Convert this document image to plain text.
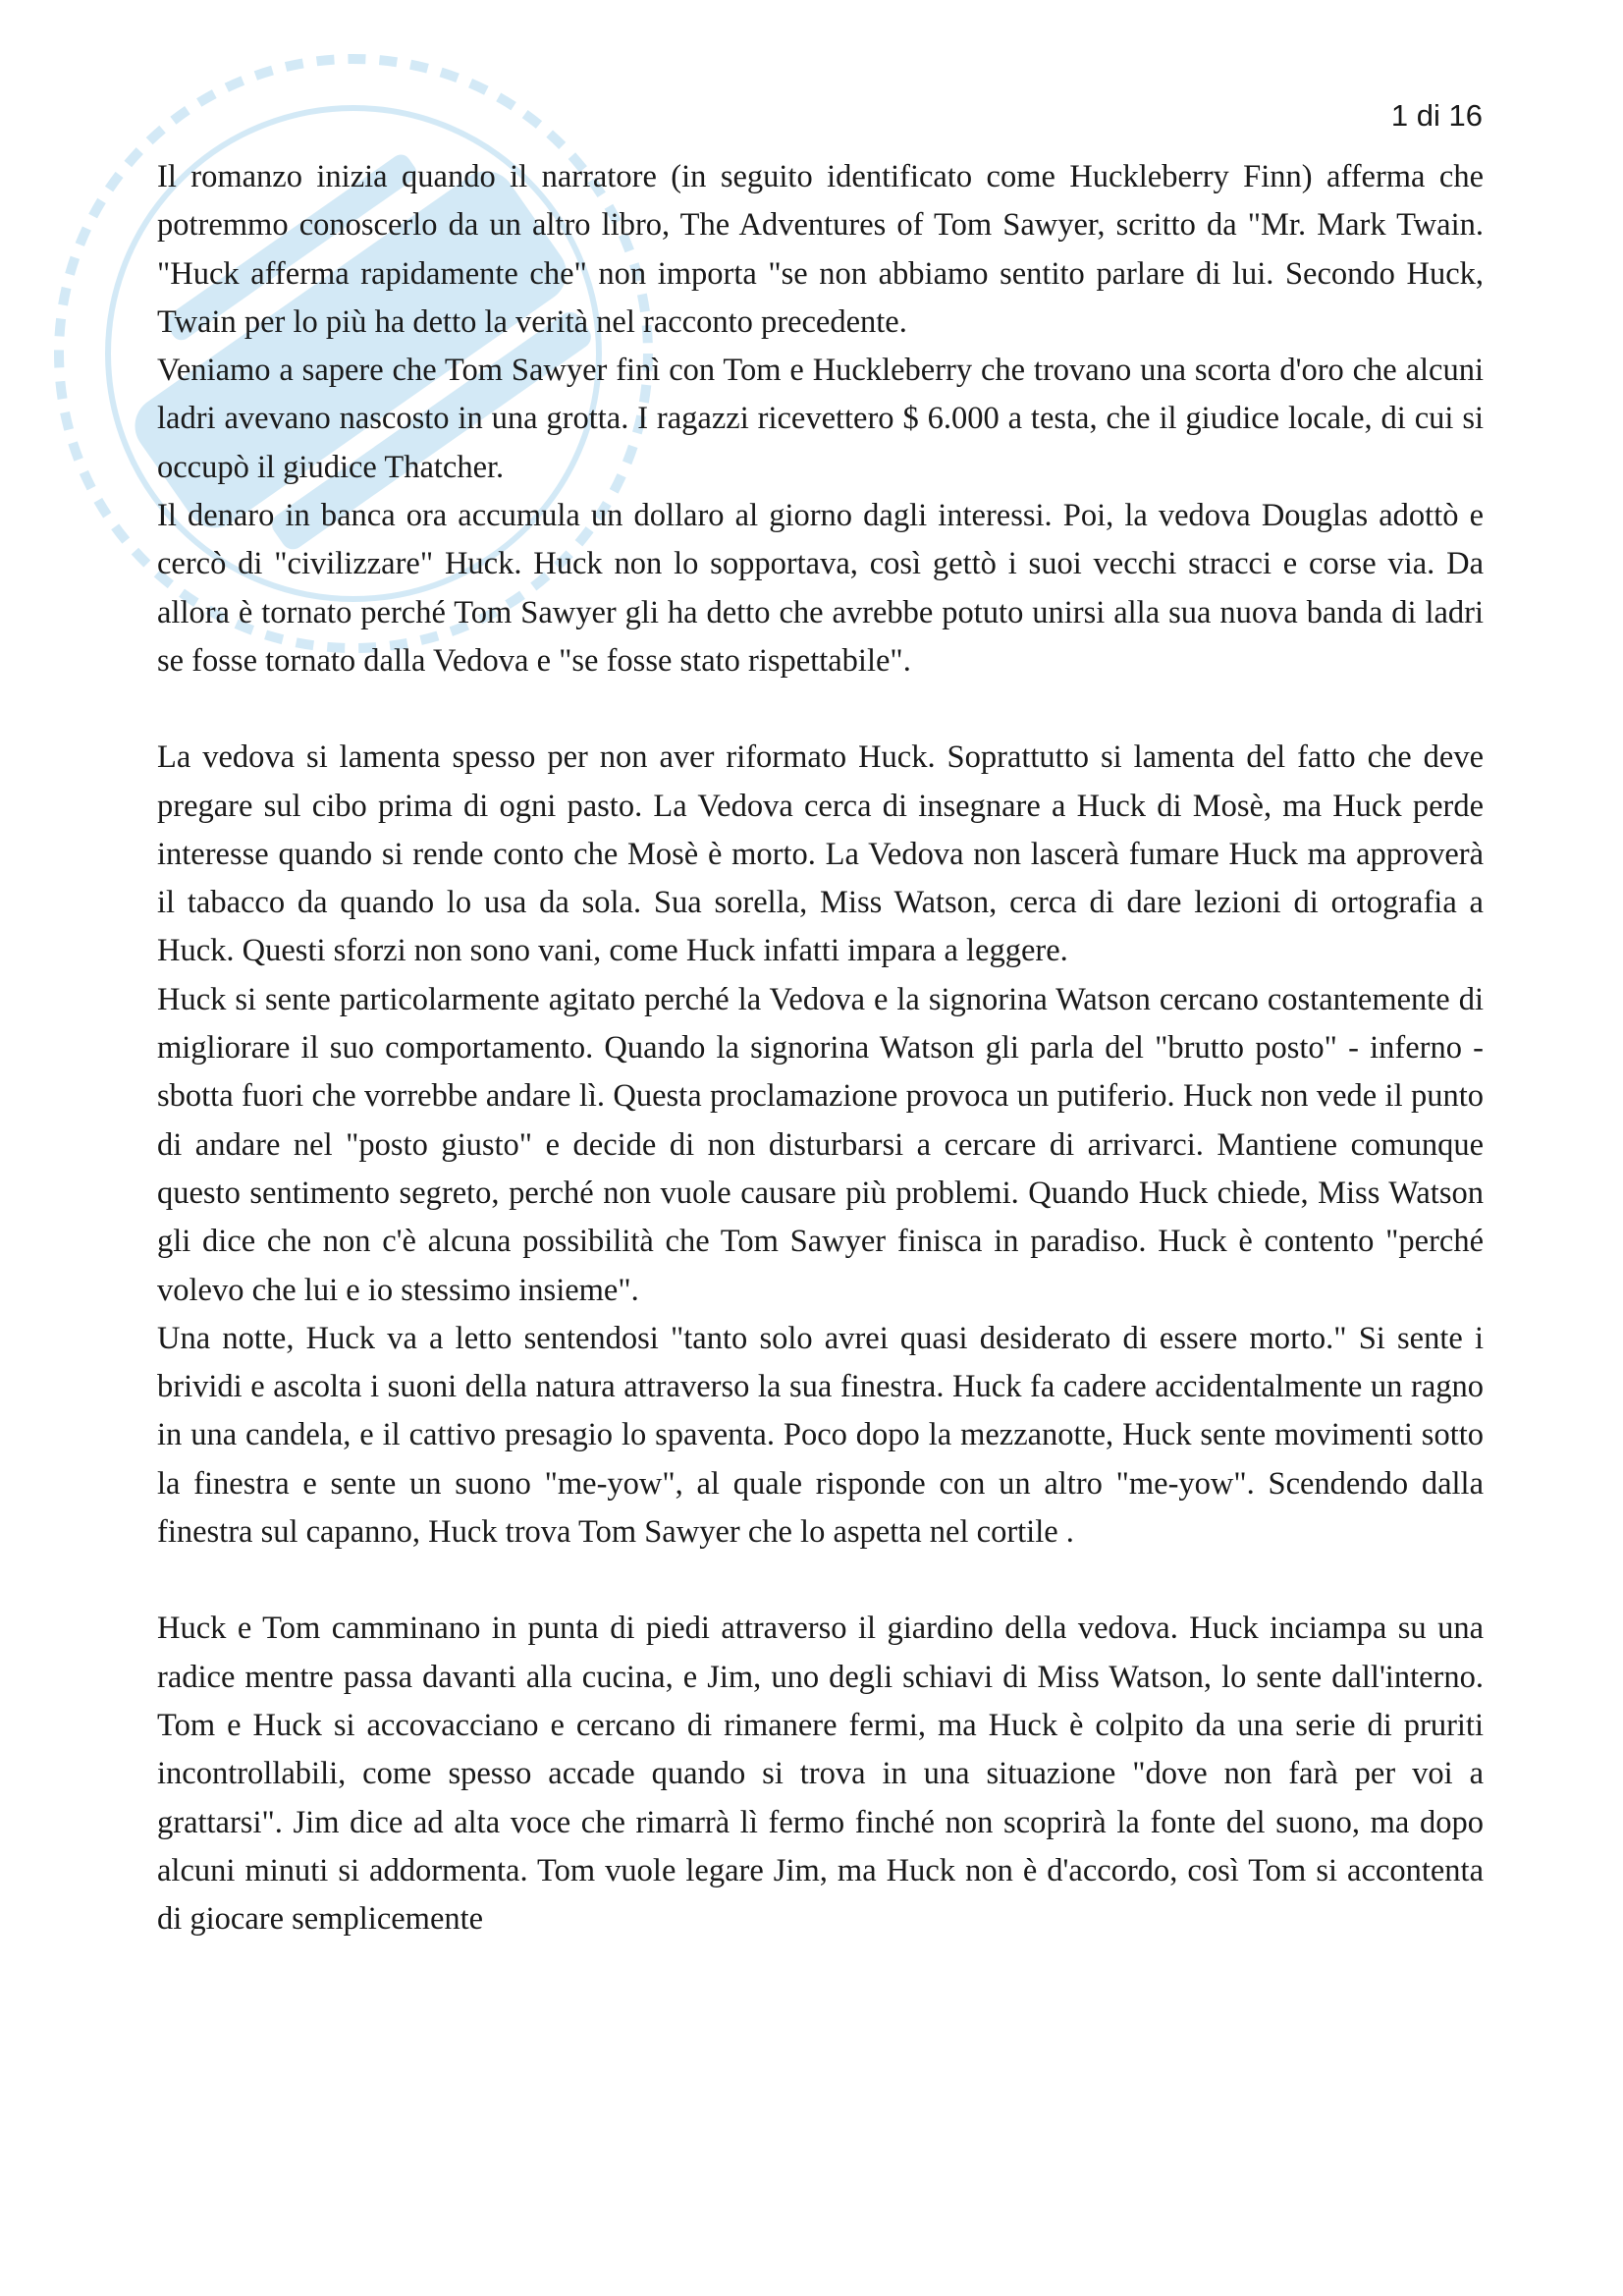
1 di 16

Il romanzo inizia quando il narratore (in seguito identificato come Huckleberry Finn) afferma che potremmo conoscerlo da un altro libro, The Adventures of Tom Sawyer, scritto da "Mr. Mark Twain. "Huck afferma rapidamente che" non importa "se non abbiamo sentito parlare di lui. Secondo Huck, Twain per lo più ha detto la verità nel racconto precedente.

Veniamo a sapere che Tom Sawyer finì con Tom e Huckleberry che trovano una scorta d'oro che alcuni ladri avevano nascosto in una grotta. I ragazzi ricevettero $ 6.000 a testa, che il giudice locale, di cui si occupò il giudice Thatcher.

Il denaro in banca ora accumula un dollaro al giorno dagli interessi. Poi, la vedova Douglas adottò e cercò di "civilizzare" Huck. Huck non lo sopportava, così gettò i suoi vecchi stracci e corse via. Da allora è tornato perché Tom Sawyer gli ha detto che avrebbe potuto unirsi alla sua nuova banda di ladri se fosse tornato dalla Vedova e "se fosse stato rispettabile".

La vedova si lamenta spesso per non aver riformato Huck. Soprattutto si lamenta del fatto che deve pregare sul cibo prima di ogni pasto. La Vedova cerca di insegnare a Huck di Mosè, ma Huck perde interesse quando si rende conto che Mosè è morto. La Vedova non lascerà fumare Huck ma approverà il tabacco da quando lo usa da sola. Sua sorella, Miss Watson, cerca di dare lezioni di ortografia a Huck. Questi sforzi non sono vani, come Huck infatti impara a leggere.

Huck si sente particolarmente agitato perché la Vedova e la signorina Watson cercano costantemente di migliorare il suo comportamento. Quando la signorina Watson gli parla del "brutto posto" - inferno - sbotta fuori che vorrebbe andare lì. Questa proclamazione provoca un putiferio. Huck non vede il punto di andare nel "posto giusto" e decide di non disturbarsi a cercare di arrivarci. Mantiene comunque questo sentimento segreto, perché non vuole causare più problemi. Quando Huck chiede, Miss Watson gli dice che non c'è alcuna possibilità che Tom Sawyer finisca in paradiso. Huck è contento "perché volevo che lui e io stessimo insieme".

Una notte, Huck va a letto sentendosi "tanto solo avrei quasi desiderato di essere morto." Si sente i brividi e ascolta i suoni della natura attraverso la sua finestra. Huck fa cadere accidentalmente un ragno in una candela, e il cattivo presagio lo spaventa. Poco dopo la mezzanotte, Huck sente movimenti sotto la finestra e sente un suono "me-yow", al quale risponde con un altro "me-yow". Scendendo dalla finestra sul capanno, Huck trova Tom Sawyer che lo aspetta nel cortile .

Huck e Tom camminano in punta di piedi attraverso il giardino della vedova. Huck inciampa su una radice mentre passa davanti alla cucina, e Jim, uno degli schiavi di Miss Watson, lo sente dall'interno. Tom e Huck si accovacciano e cercano di rimanere fermi, ma Huck è colpito da una serie di pruriti incontrollabili, come spesso accade quando si trova in una situazione "dove non farà per voi a grattarsi". Jim dice ad alta voce che rimarrà lì fermo finché non scoprirà la fonte del suono, ma dopo alcuni minuti si addormenta. Tom vuole legare Jim, ma Huck non è d'accordo, così Tom si accontenta di giocare semplicemente
